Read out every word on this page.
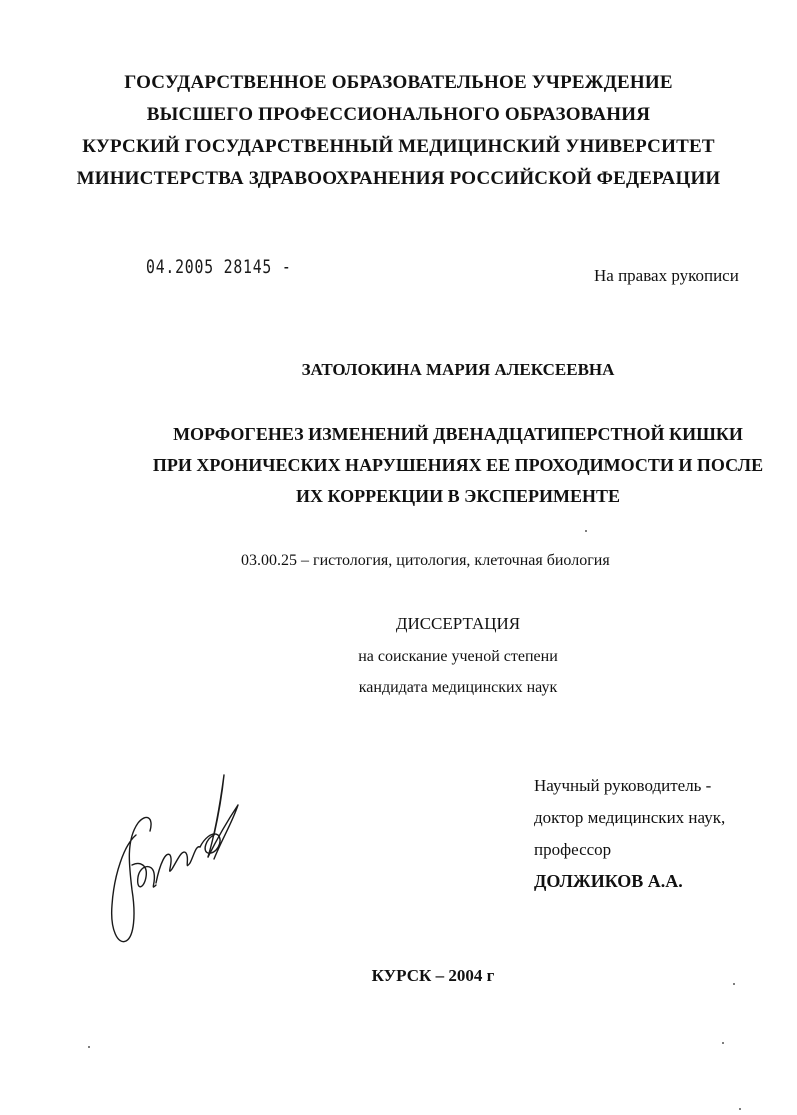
ГОСУДАРСТВЕННОЕ ОБРАЗОВАТЕЛЬНОЕ УЧРЕЖДЕНИЕ
ВЫСШЕГО ПРОФЕССИОНАЛЬНОГО ОБРАЗОВАНИЯ
КУРСКИЙ ГОСУДАРСТВЕННЫЙ МЕДИЦИНСКИЙ УНИВЕРСИТЕТ
МИНИСТЕРСТВА ЗДРАВООХРАНЕНИЯ РОССИЙСКОЙ ФЕДЕРАЦИИ
04.2005 28145 -	На правах рукописи
ЗАТОЛОКИНА МАРИЯ АЛЕКСЕЕВНА
МОРФОГЕНЕЗ ИЗМЕНЕНИЙ ДВЕНАДЦАТИПЕРСТНОЙ КИШКИ
ПРИ ХРОНИЧЕСКИХ НАРУШЕНИЯХ ЕЕ ПРОХОДИМОСТИ И ПОСЛЕ
ИХ КОРРЕКЦИИ В ЭКСПЕРИМЕНТЕ
03.00.25 – гистология, цитология, клеточная биология
ДИССЕРТАЦИЯ
на соискание ученой степени
кандидата медицинских наук
Научный руководитель -
доктор медицинских наук,
профессор
ДОЛЖИКОВ А.А.
КУРСК – 2004 г
